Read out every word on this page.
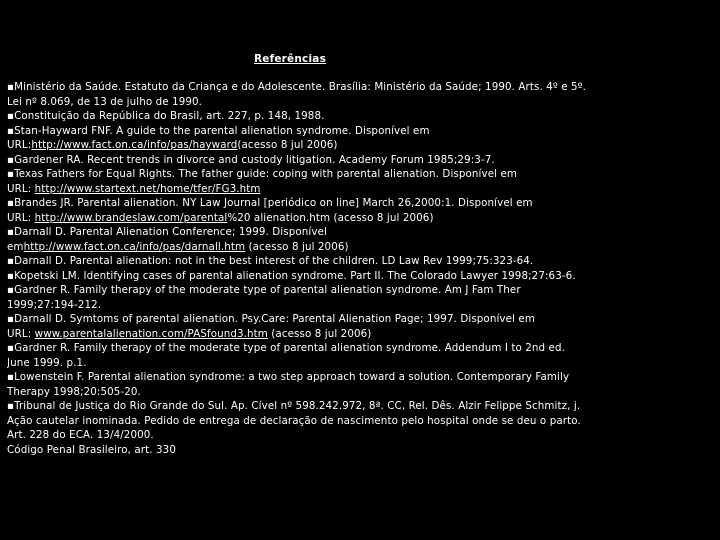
Referências
▪Ministério da Saúde. Estatuto da Criança e do Adolescente. Brasília: Ministério da Saúde; 1990. Arts. 4º e 5º.
Lei nº 8.069, de 13 de julho de 1990.
▪Constituição da República do Brasil, art. 227, p. 148, 1988.
▪Stan-Hayward FNF. A guide to the parental alienation syndrome. Disponível em
URL:http://www.fact.on.ca/info/pas/hayward(acesso 8 jul 2006)
▪Gardener RA. Recent trends in divorce and custody litigation. Academy Forum 1985;29:3-7.
▪Texas Fathers for Equal Rights. The father guide: coping with parental alienation. Disponível em
URL: http://www.startext.net/home/tfer/FG3.htm
▪Brandes JR. Parental alienation. NY Law Journal [periódico on line] March 26,2000:1. Disponível em
URL: http://www.brandeslaw.com/parental%20 alienation.htm (acesso 8 jul 2006)
▪Darnall D. Parental Alienation Conference; 1999. Disponível
emhttp://www.fact.on.ca/info/pas/darnall.htm (acesso 8 jul 2006)
▪Darnall D. Parental alienation: not in the best interest of the children. LD Law Rev 1999;75:323-64.
▪Kopetski LM. Identifying cases of parental alienation syndrome. Part II. The Colorado Lawyer 1998;27:63-6.
▪Gardner R. Family therapy of the moderate type of parental alienation syndrome. Am J Fam Ther
1999;27:194-212.
▪Darnall D. Symtoms of parental alienation. Psy.Care: Parental Alienation Page; 1997. Disponível em
URL: www.parentalalienation.com/PASfound3.htm (acesso 8 jul 2006)
▪Gardner R. Family therapy of the moderate type of parental alienation syndrome. Addendum I to 2nd ed.
June 1999. p.1.
▪Lowenstein F. Parental alienation syndrome: a two step approach toward a solution. Contemporary Family
Therapy 1998;20:505-20.
▪Tribunal de Justiça do Rio Grande do Sul. Ap. Cível nº 598.242.972, 8ª. CC, Rel. Dês. Alzir Felippe Schmitz, j.
Ação cautelar inominada. Pedido de entrega de declaração de nascimento pelo hospital onde se deu o parto.
Art. 228 do ECA. 13/4/2000.
Código Penal Brasileiro, art. 330
